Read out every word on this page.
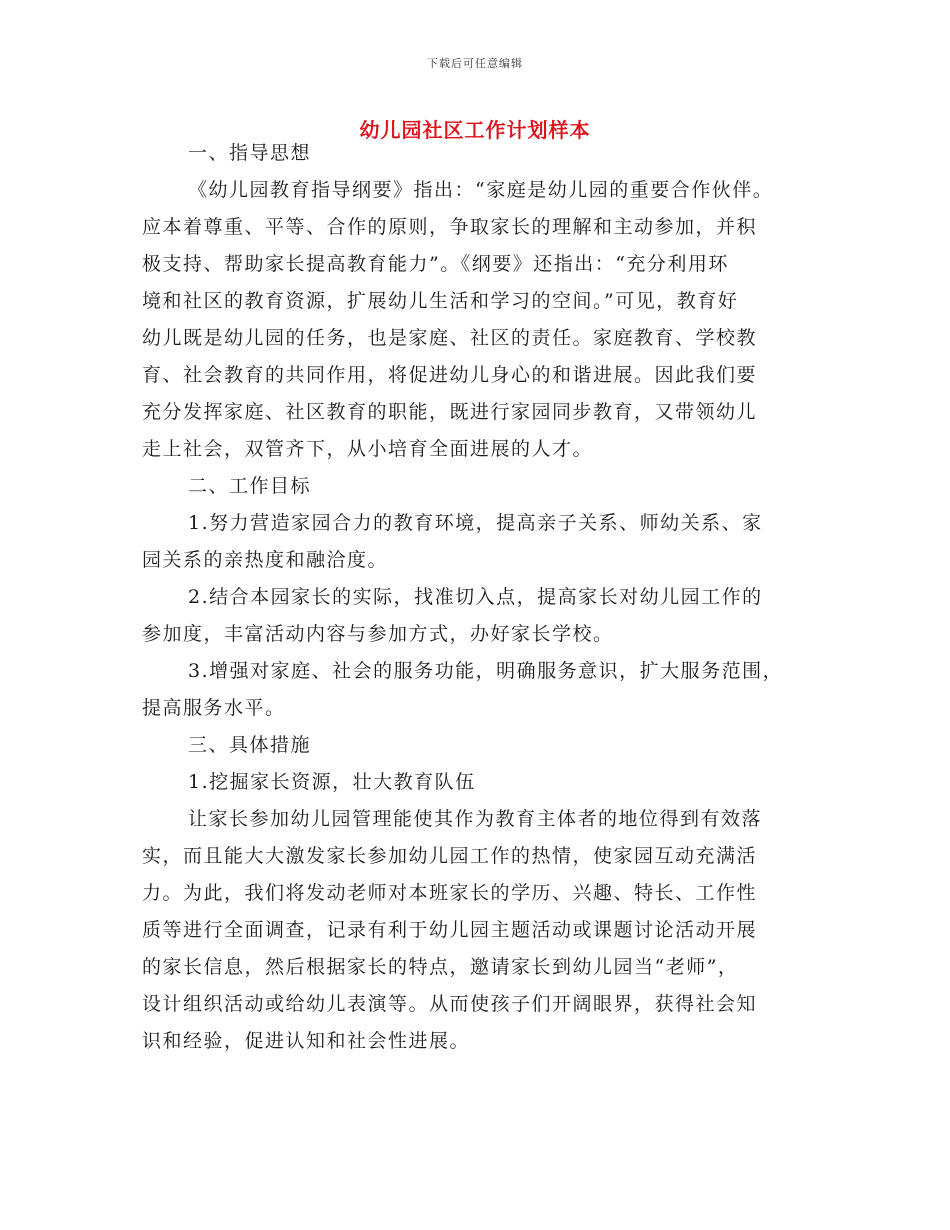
下载后可任意编辑
幼儿园社区工作计划样本
一、指导思想
《幼儿园教育指导纲要》指出：“家庭是幼儿园的重要合作伙伴。
应本着尊重、平等、合作的原则，争取家长的理解和主动参加，并积
极支持、帮助家长提高教育能力”。《纲要》还指出：“充分利用环
境和社区的教育资源，扩展幼儿生活和学习的空间。”可见，教育好
幼儿既是幼儿园的任务，也是家庭、社区的责任。家庭教育、学校教
育、社会教育的共同作用，将促进幼儿身心的和谐进展。因此我们要
充分发挥家庭、社区教育的职能，既进行家园同步教育，又带领幼儿
走上社会，双管齐下，从小培育全面进展的人才。
二、工作目标
1.努力营造家园合力的教育环境，提高亲子关系、师幼关系、家
园关系的亲热度和融洽度。
2.结合本园家长的实际，找准切入点，提高家长对幼儿园工作的
参加度，丰富活动内容与参加方式，办好家长学校。
3.增强对家庭、社会的服务功能，明确服务意识，扩大服务范围，
提高服务水平。
三、具体措施
1.挖掘家长资源，壮大教育队伍
让家长参加幼儿园管理能使其作为教育主体者的地位得到有效落
实，而且能大大激发家长参加幼儿园工作的热情，使家园互动充满活
力。为此，我们将发动老师对本班家长的学历、兴趣、特长、工作性
质等进行全面调查，记录有利于幼儿园主题活动或课题讨论活动开展
的家长信息，然后根据家长的特点，邀请家长到幼儿园当“老师”，
设计组织活动或给幼儿表演等。从而使孩子们开阔眼界，获得社会知
识和经验，促进认知和社会性进展。
